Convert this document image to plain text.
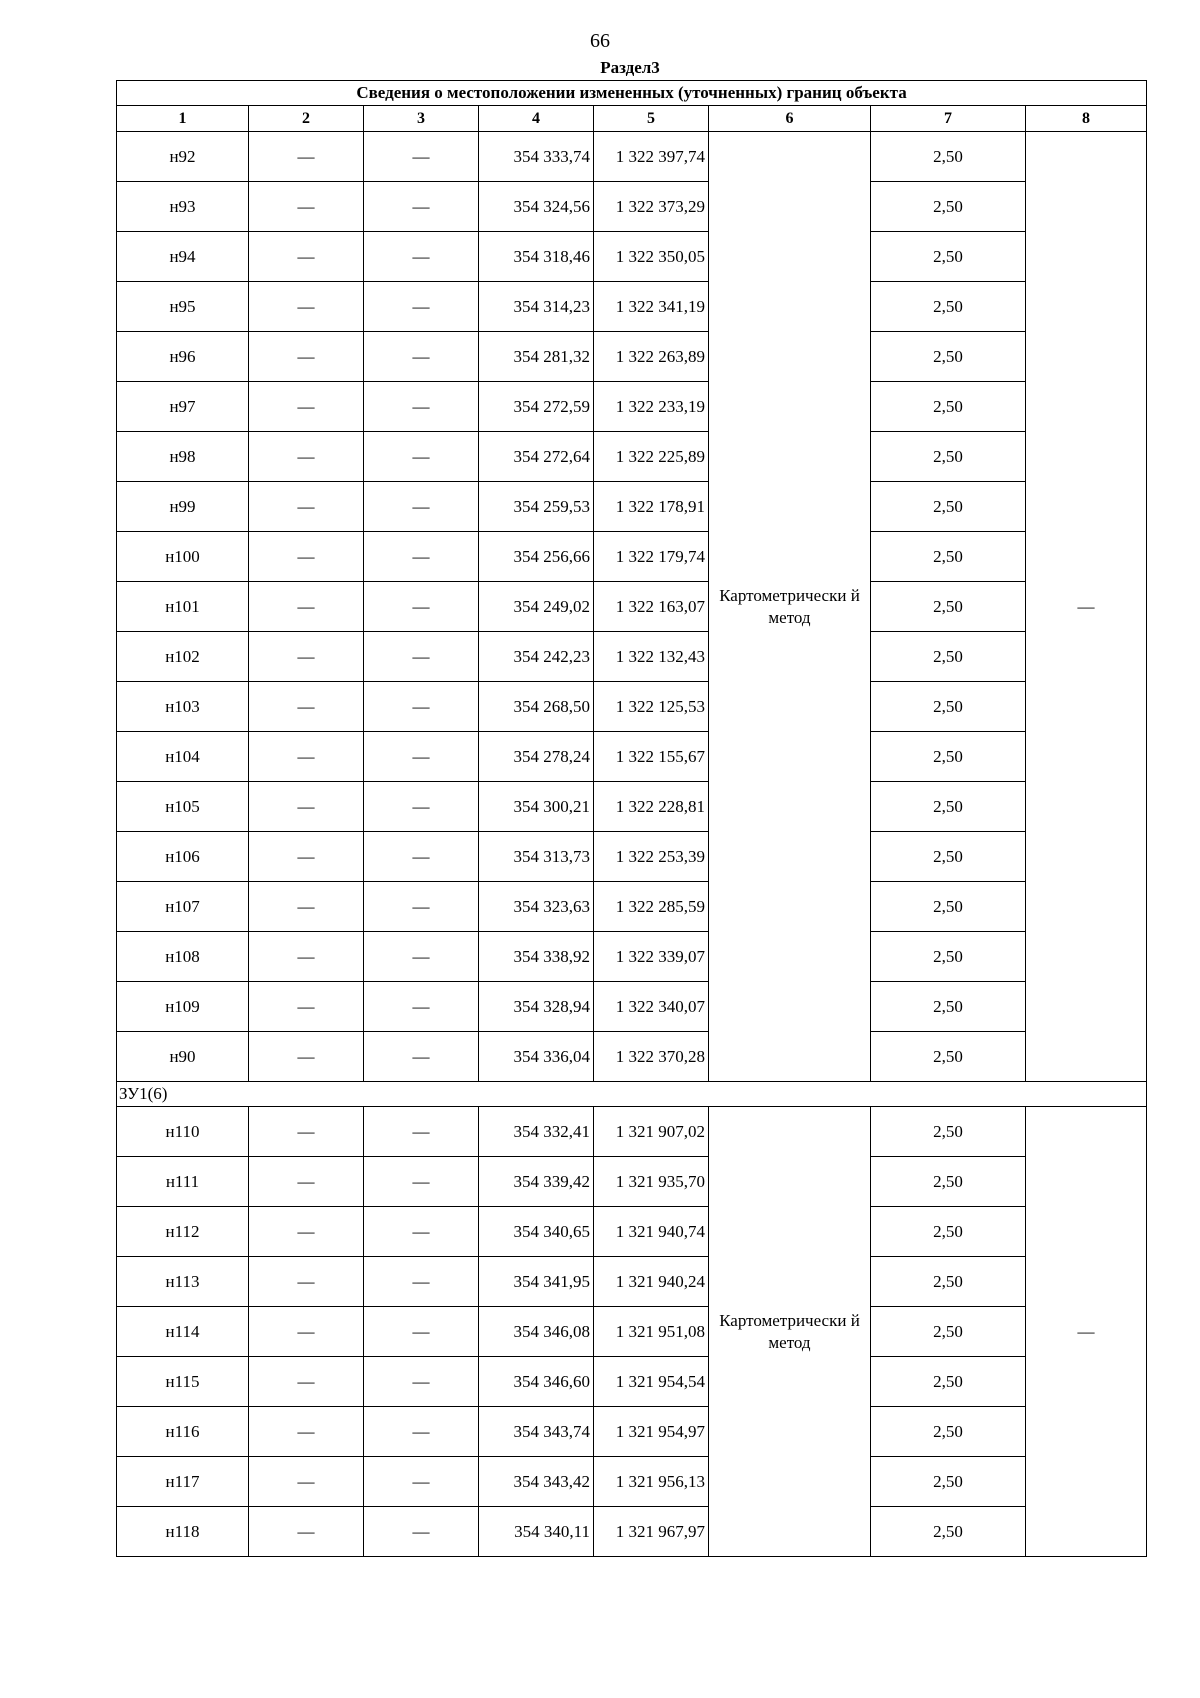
66
Раздел3
Сведения о местоположении измененных (уточненных) границ объекта							
1	2	3	4	5	6	7	8
н92	—	—	354 333,74	1 322 397,74	Картометрически й метод	2,50	—
н93	—	—	354 324,56	1 322 373,29		2,50	
н94	—	—	354 318,46	1 322 350,05		2,50	
н95	—	—	354 314,23	1 322 341,19		2,50	
н96	—	—	354 281,32	1 322 263,89		2,50	
н97	—	—	354 272,59	1 322 233,19		2,50	
н98	—	—	354 272,64	1 322 225,89		2,50	
н99	—	—	354 259,53	1 322 178,91		2,50	
н100	—	—	354 256,66	1 322 179,74		2,50	
н101	—	—	354 249,02	1 322 163,07		2,50	
н102	—	—	354 242,23	1 322 132,43		2,50	
н103	—	—	354 268,50	1 322 125,53		2,50	
н104	—	—	354 278,24	1 322 155,67		2,50	
н105	—	—	354 300,21	1 322 228,81		2,50	
н106	—	—	354 313,73	1 322 253,39		2,50	
н107	—	—	354 323,63	1 322 285,59		2,50	
н108	—	—	354 338,92	1 322 339,07		2,50	
н109	—	—	354 328,94	1 322 340,07		2,50	
н90	—	—	354 336,04	1 322 370,28		2,50	
ЗУ1(6)							
н110	—	—	354 332,41	1 321 907,02	Картометрически й метод	2,50	—
н111	—	—	354 339,42	1 321 935,70		2,50	
н112	—	—	354 340,65	1 321 940,74		2,50	
н113	—	—	354 341,95	1 321 940,24		2,50	
н114	—	—	354 346,08	1 321 951,08		2,50	
н115	—	—	354 346,60	1 321 954,54		2,50	
н116	—	—	354 343,74	1 321 954,97		2,50	
н117	—	—	354 343,42	1 321 956,13		2,50	
н118	—	—	354 340,11	1 321 967,97		2,50	
